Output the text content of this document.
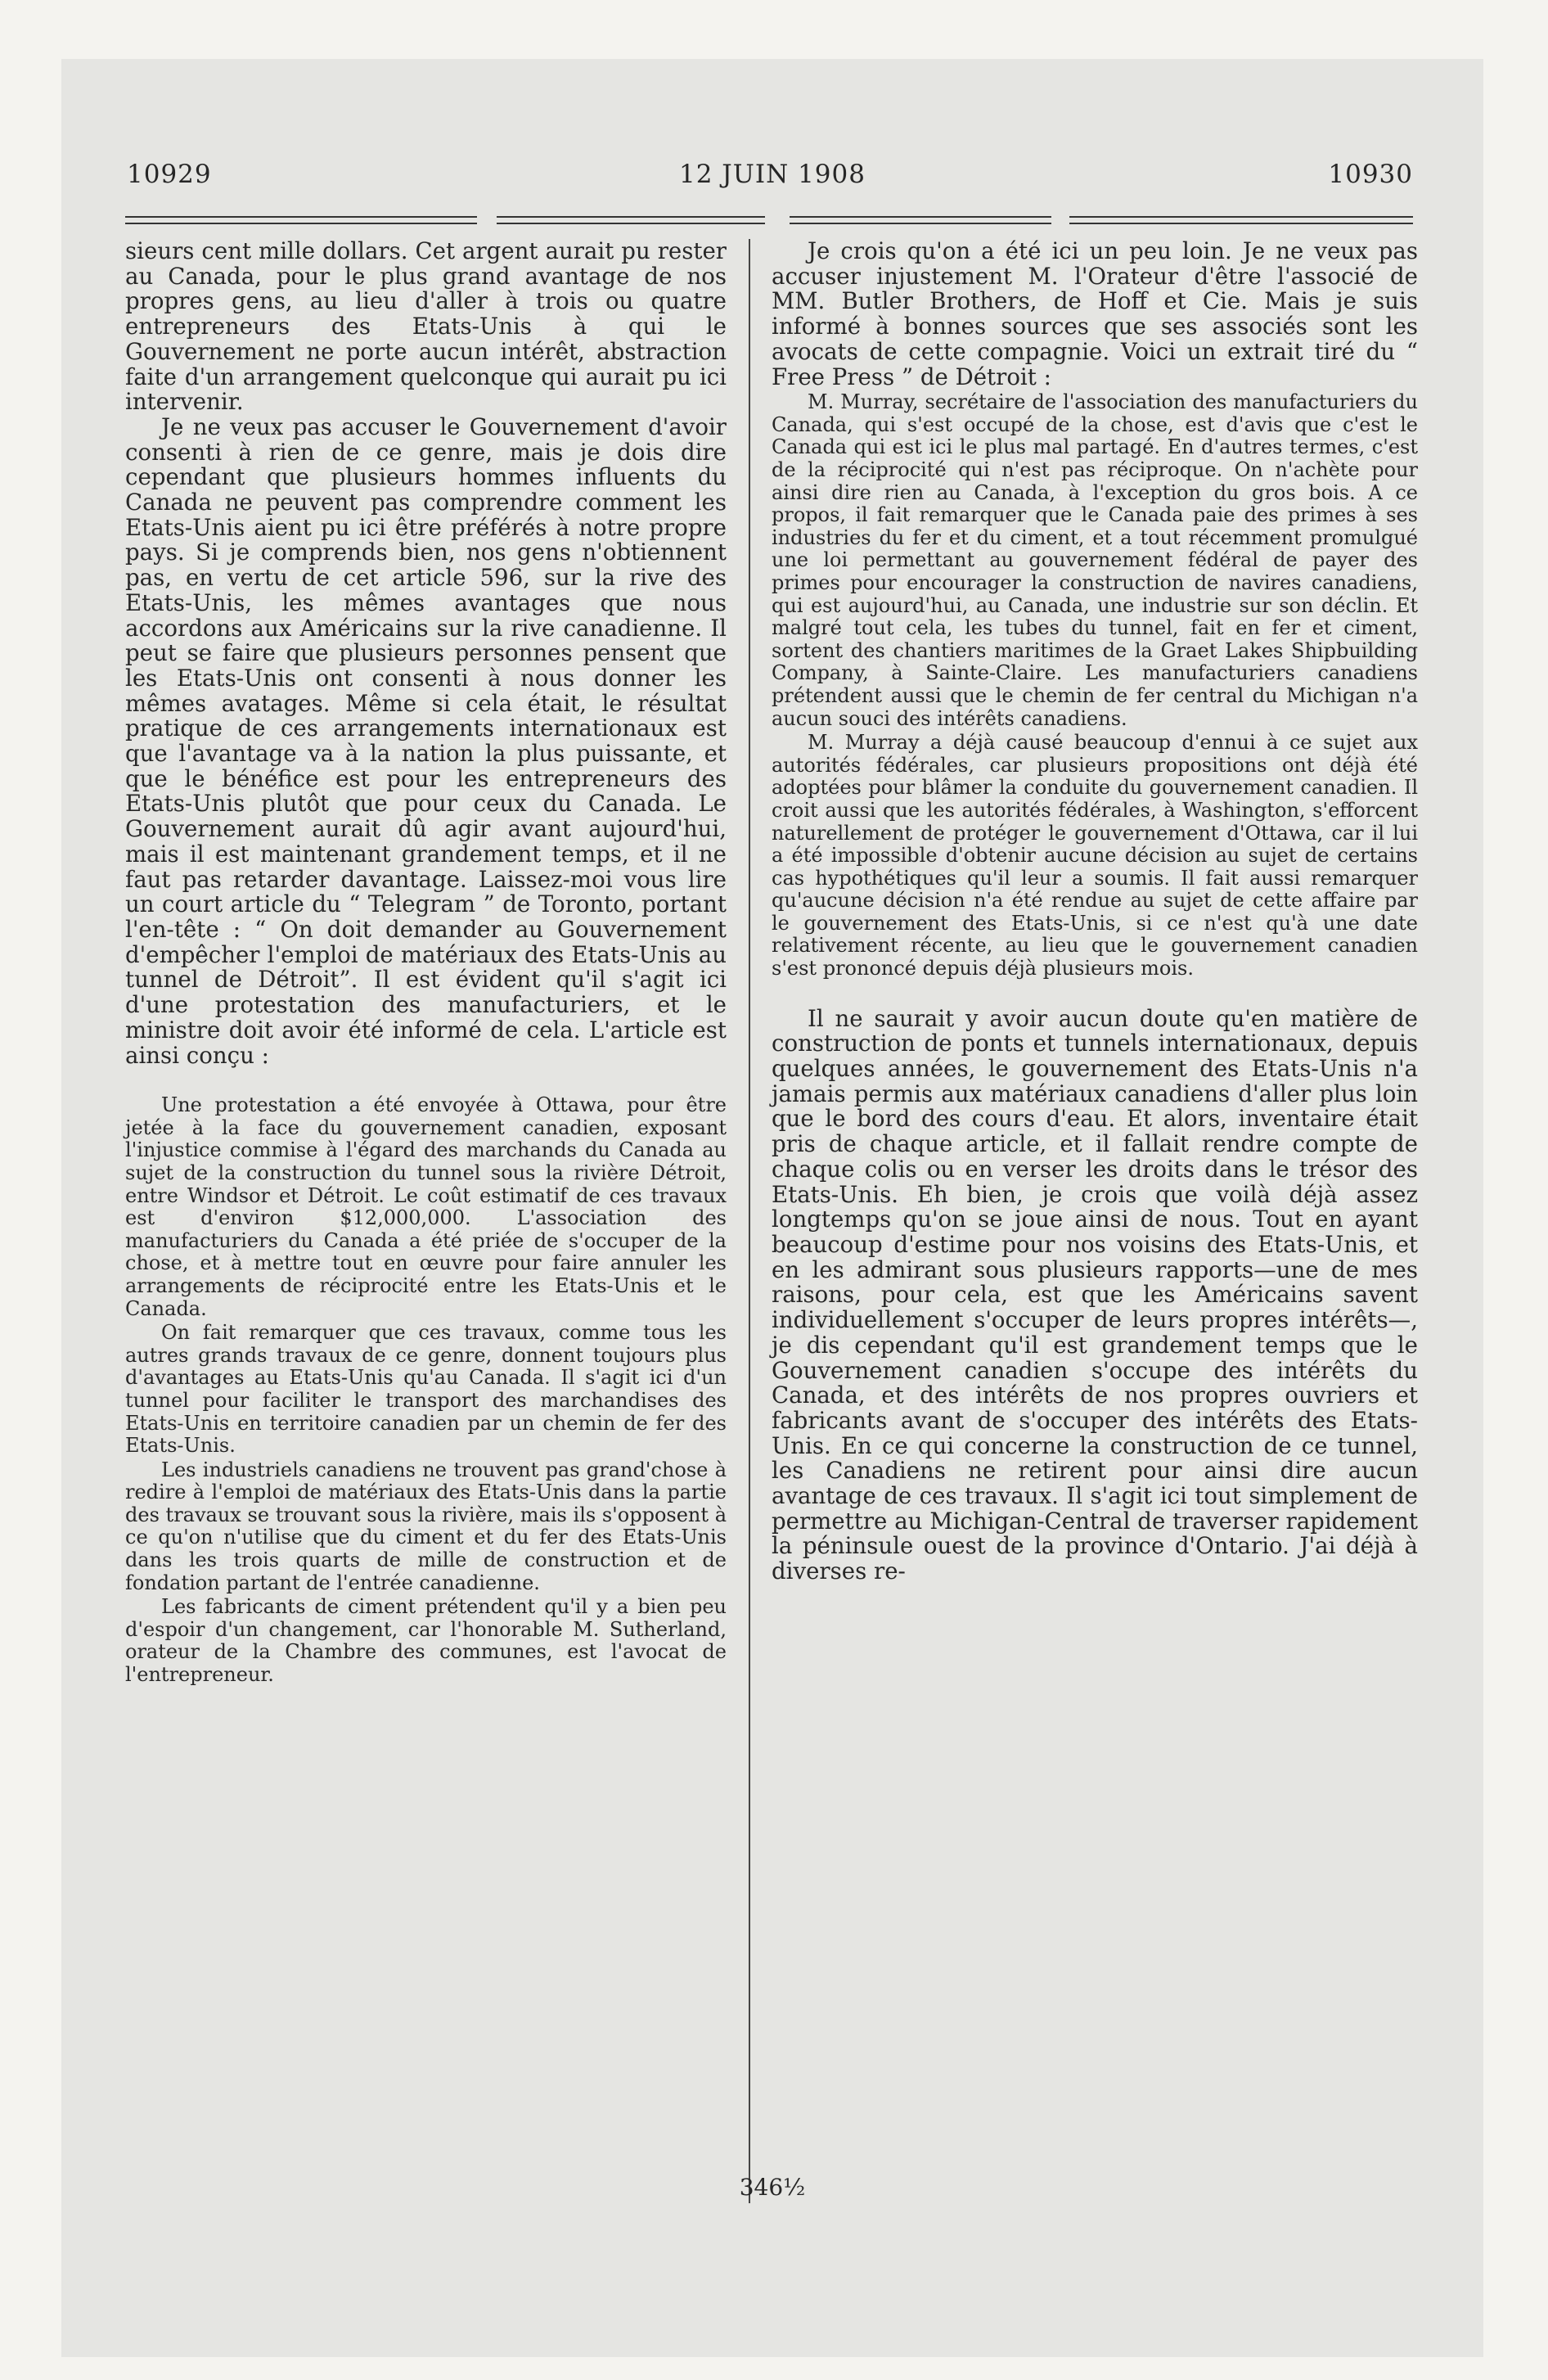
10929	12 JUIN 1908	10930

sieurs cent mille dollars. Cet argent aurait pu rester au Canada, pour le plus grand avantage de nos propres gens, au lieu d'aller à trois ou quatre entrepreneurs des Etats-Unis à qui le Gouvernement ne porte aucun intérêt, abstraction faite d'un arrangement quelconque qui aurait pu ici intervenir.

Je ne veux pas accuser le Gouvernement d'avoir consenti à rien de ce genre, mais je dois dire cependant que plusieurs hommes influents du Canada ne peuvent pas comprendre comment les Etats-Unis aient pu ici être préférés à notre propre pays. Si je comprends bien, nos gens n'obtiennent pas, en vertu de cet article 596, sur la rive des Etats-Unis, les mêmes avantages que nous accordons aux Américains sur la rive canadienne. Il peut se faire que plusieurs personnes pensent que les Etats-Unis ont consenti à nous donner les mêmes avatages. Même si cela était, le résultat pratique de ces arrangements internationaux est que l'avantage va à la nation la plus puissante, et que le bénéfice est pour les entrepreneurs des Etats-Unis plutôt que pour ceux du Canada. Le Gouvernement aurait dû agir avant aujourd'hui, mais il est maintenant grandement temps, et il ne faut pas retarder davantage. Laissez-moi vous lire un court article du “ Telegram ” de Toronto, portant l'en-tête : “ On doit demander au Gouvernement d'empêcher l'emploi de matériaux des Etats-Unis au tunnel de Détroit”. Il est évident qu'il s'agit ici d'une protestation des manufacturiers, et le ministre doit avoir été informé de cela. L'article est ainsi conçu :

Une protestation a été envoyée à Ottawa, pour être jetée à la face du gouvernement canadien, exposant l'injustice commise à l'égard des marchands du Canada au sujet de la construction du tunnel sous la rivière Détroit, entre Windsor et Détroit. Le coût estimatif de ces travaux est d'environ $12,000,000. L'association des manufacturiers du Canada a été priée de s'occuper de la chose, et à mettre tout en œuvre pour faire annuler les arrangements de réciprocité entre les Etats-Unis et le Canada.

On fait remarquer que ces travaux, comme tous les autres grands travaux de ce genre, donnent toujours plus d'avantages au Etats-Unis qu'au Canada. Il s'agit ici d'un tunnel pour faciliter le transport des marchandises des Etats-Unis en territoire canadien par un chemin de fer des Etats-Unis.

Les industriels canadiens ne trouvent pas grand'chose à redire à l'emploi de matériaux des Etats-Unis dans la partie des travaux se trouvant sous la rivière, mais ils s'opposent à ce qu'on n'utilise que du ciment et du fer des Etats-Unis dans les trois quarts de mille de construction et de fondation partant de l'entrée canadienne.

Les fabricants de ciment prétendent qu'il y a bien peu d'espoir d'un changement, car l'honorable M. Sutherland, orateur de la Chambre des communes, est l'avocat de l'entrepreneur.

Je crois qu'on a été ici un peu loin. Je ne veux pas accuser injustement M. l'Orateur d'être l'associé de MM. Butler Brothers, de Hoff et Cie. Mais je suis informé à bonnes sources que ses associés sont les avocats de cette compagnie. Voici un extrait tiré du “ Free Press ” de Détroit :

M. Murray, secrétaire de l'association des manufacturiers du Canada, qui s'est occupé de la chose, est d'avis que c'est le Canada qui est ici le plus mal partagé. En d'autres termes, c'est de la réciprocité qui n'est pas réciproque. On n'achète pour ainsi dire rien au Canada, à l'exception du gros bois. A ce propos, il fait remarquer que le Canada paie des primes à ses industries du fer et du ciment, et a tout récemment promulgué une loi permettant au gouvernement fédéral de payer des primes pour encourager la construction de navires canadiens, qui est aujourd'hui, au Canada, une industrie sur son déclin. Et malgré tout cela, les tubes du tunnel, fait en fer et ciment, sortent des chantiers maritimes de la Graet Lakes Shipbuilding Company, à Sainte-Claire. Les manufacturiers canadiens prétendent aussi que le chemin de fer central du Michigan n'a aucun souci des intérêts canadiens.

M. Murray a déjà causé beaucoup d'ennui à ce sujet aux autorités fédérales, car plusieurs propositions ont déjà été adoptées pour blâmer la conduite du gouvernement canadien. Il croit aussi que les autorités fédérales, à Washington, s'efforcent naturellement de protéger le gouvernement d'Ottawa, car il lui a été impossible d'obtenir aucune décision au sujet de certains cas hypothétiques qu'il leur a soumis. Il fait aussi remarquer qu'aucune décision n'a été rendue au sujet de cette affaire par le gouvernement des Etats-Unis, si ce n'est qu'à une date relativement récente, au lieu que le gouvernement canadien s'est prononcé depuis déjà plusieurs mois.

Il ne saurait y avoir aucun doute qu'en matière de construction de ponts et tunnels internationaux, depuis quelques années, le gouvernement des Etats-Unis n'a jamais permis aux matériaux canadiens d'aller plus loin que le bord des cours d'eau. Et alors, inventaire était pris de chaque article, et il fallait rendre compte de chaque colis ou en verser les droits dans le trésor des Etats-Unis. Eh bien, je crois que voilà déjà assez longtemps qu'on se joue ainsi de nous. Tout en ayant beaucoup d'estime pour nos voisins des Etats-Unis, et en les admirant sous plusieurs rapports—une de mes raisons, pour cela, est que les Américains savent individuellement s'occuper de leurs propres intérêts—, je dis cependant qu'il est grandement temps que le Gouvernement canadien s'occupe des intérêts du Canada, et des intérêts de nos propres ouvriers et fabricants avant de s'occuper des intérêts des Etats-Unis. En ce qui concerne la construction de ce tunnel, les Canadiens ne retirent pour ainsi dire aucun avantage de ces travaux. Il s'agit ici tout simplement de permettre au Michigan-Central de traverser rapidement la péninsule ouest de la province d'Ontario. J'ai déjà à diverses re-

346½
